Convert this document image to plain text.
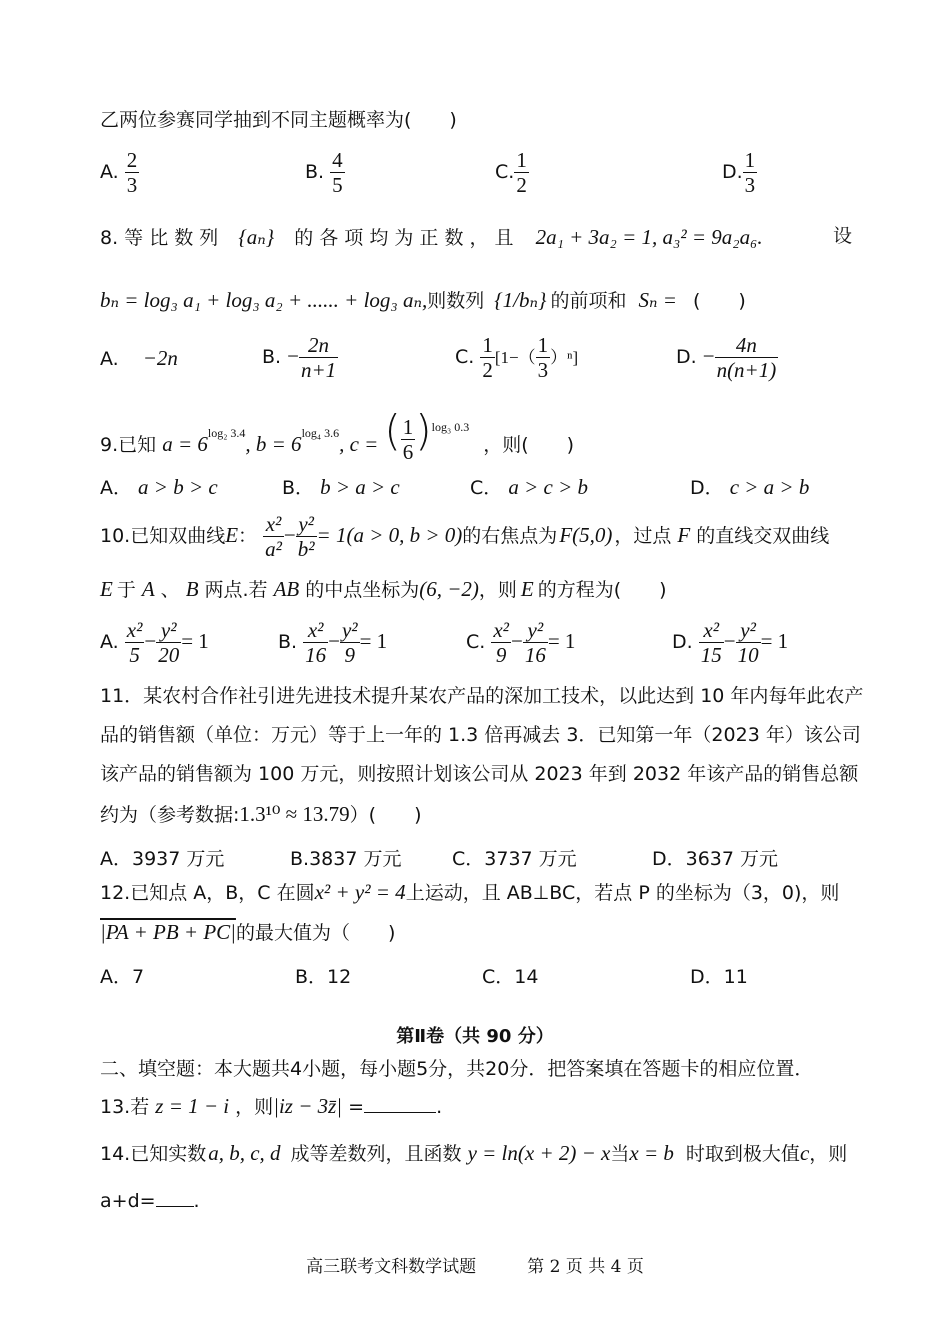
乙两位参赛同学抽到不同主题概率为(　　)
A. $\frac{2}{3}$	B. $\frac{4}{5}$	C. $\frac{1}{2}$	D. $\frac{1}{3}$
8. 等 比 数 列 {aₙ} 的 各 项 均 为 正 数 ， 且 2a₁ + 3a₂ = 1, a₃² = 9a₂a₆.	设
bₙ = log₃ a₁ + log₃ a₂ + ...... + log₃ aₙ,则数列 {1/bₙ} 的前项和 Sₙ = (　　)
A. −2n	B. − $\frac{2n}{n+1}$	C. $\frac{1}{2} [1-( \frac{1}{3} )^n]$	D. − $\frac{4n}{n(n+1)}$
9.已知 a = 6log₂ 3.4, b = 6log₄ 3.6, c = ( $\frac{1}{6} )^{log_3 0.3}$ ，则(　　)
A． a > b > c	B． b > a > c	C． a > c > b	D． c > a > b
10.已知双曲线E： $\frac{\text{x²}}{\text{a²}} - \frac{\text{y²}}{\text{b²}} = 1(a > 0$, b > 0)的右焦点为F(5,0) ，过点 F 的直线交双曲线
E 于 A 、 B 两点.若 AB 的中点坐标为(6, −2)，则 E 的方程为(　　)
A. $\frac{\text{x²}}{5} - \frac{\text{y²}}{20} = 1$	B. $\frac{\text{x²}}{16} - \frac{\text{y²}}{9} = 1$	C. $\frac{\text{x²}}{9} - \frac{\text{y²}}{16} = 1$	D. $\frac{\text{x²}}{15} - \frac{\text{y²}}{10} = 1$
11．某农村合作社引进先进技术提升某农产品的深加工技术，以此达到 10 年内每年此农产
品的销售额（单位：万元）等于上一年的 1.3 倍再减去 3．已知第一年（2023 年）该公司
该产品的销售额为 100 万元，则按照计划该公司从 2023 年到 2032 年该产品的销售总额
约为（参考数据:1.3¹⁰ ≈ 13.79）(　　)
A．3937 万元	B.3837 万元	C．3737 万元	D．3637 万元
12.已知点 A，B，C 在圆x² + y² = 4上运动，且 AB⊥BC，若点 P 的坐标为（3，0)，则
|PA + PB + PC|的最大值为（　　)
A．7	B．12	C．14	D．11
第Ⅱ卷（共 90 分）
二、填空题：本大题共4小题，每小题5分，共20分．把答案填在答题卡的相应位置．
13.若 z = 1 − i ，则|iz − 3z̄| =	.
14.已知实数a, b, c, d 成等差数列，且函数 y = ln(x + 2) − x当x = b 时取到极大值c，则
a+d= .
高三联考文科数学试题　　　第 2 页 共 4 页
